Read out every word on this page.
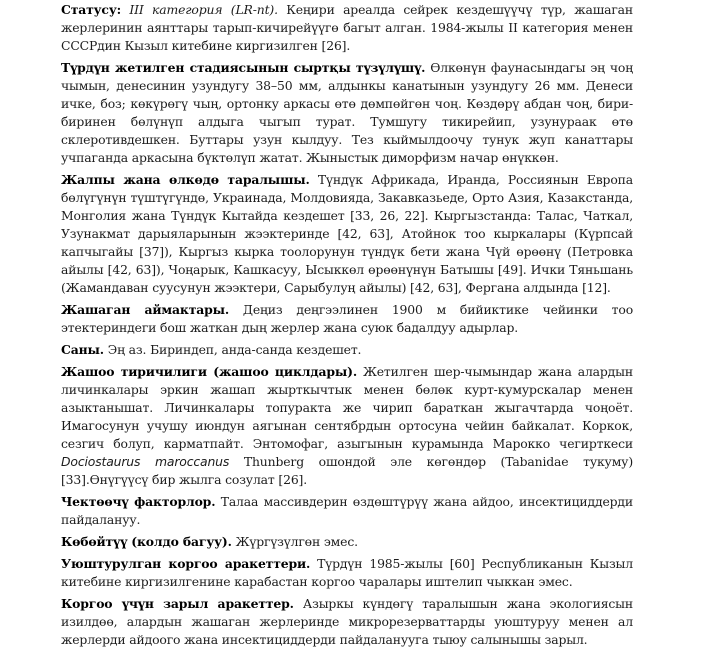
Статусу: III категория (LR-nt). Кеңири ареалда сейрек кездешүүчү түр, жашаган жерлеринин аянттары тарып-кичирейүүгө багыт алган. 1984-жылы II категория менен СССРдин Кызыл китебине киргизилген [26].

Түрдүн жетилген стадиясынын сыртқы түзүлүшү. Өлкөнүн фаунасындагы эң чоң чымын, денесинин узундугу 38–50 мм, алдынкы канатынын узундугу 26 мм. Денеси ичке, боз; көкүрөгү чың, ортонку аркасы өтө дөмпөйгөн чоң. Көздөрү абдан чоң, бири-биринен бөлүнүп алдыга чыгып турат. Тумшугу тикирейип, узунураак өтө склеротивдешкен. Буттары узун кылдуу. Тез кыймылдоочу тунук жуп канаттары учпаганда аркасына бүктөлүп жатат. Жыныстык диморфизм начар өнүккөн.

Жалпы жана өлкөдө таралышы. Түндүк Африкада, Иранда, Россиянын Европа бөлүгүнүн түштүгүндө, Украинада, Молдовияда, Закавказьеде, Орто Азия, Казакстанда, Монголия жана Түндүк Кытайда кездешет [33, 26, 22]. Кыргызстанда: Талас, Чаткал, Узунакмат дарыяларынын жээктеринде [42, 63], Атойнок тоо кыркалары (Күрпсай капчыгайы [37]), Кыргыз кырка тоолорунун түндүк бети жана Чүй өрөөнү (Петровка айылы [42, 63]), Чоңарык, Кашкасуу, Ысыккөл өрөөнүнүн Батышы [49]. Ички Тяньшань (Жамандаван суусунун жээктери, Сарыбулуң айылы) [42, 63], Фергана алдында [12].

Жашаган аймактары. Деңиз деңгээлинен 1900 м бийиктике чейинки тоо этектериндеги бош жаткан дың жерлер жана суюк бадалдуу адырлар.

Саны. Эң аз. Бириндеп, анда-санда кездешет.

Жашоо тиричилиги (жашоо циклдары). Жетилген шер-чымындар жана алардын личинкалары эркин жашап жырткычтык менен бөлөк курт-кумурскалар менен азыктанышат. Личинкалары топуракта же чирип бараткан жыгачтарда чоңоёт. Имагосунун учушу июндун аягынан сентябрдын ортосуна чейин байкалат. Коркок, сезгич болуп, карматпайт. Энтомофаг, азыгынын курамында Марокко чегирткеси Dociostaurus maroccanus Thunberg ошондой эле көгөндөр (Tabanidae тукуму) [33].Өнүгүүсү бир жылга созулат [26].

Чектөөчү факторлор. Талаа массивдерин өздөштүрүү жана айдоо, инсектициддерди пайдалануу.

Көбөйтүү (колдо багуу). Жүргүзүлгөн эмес.

Уюштурулган коргоо аракеттери. Түрдүн 1985-жылы [60] Республиканын Кызыл китебине киргизилгенине карабастан коргоо чаралары иштелип чыккан эмес.

Коргоо үчүн зарыл аракеттер. Азыркы күндөгү таралышын жана экологиясын изилдөө, алардын жашаган жерлеринде микрорезерваттарды уюштуруу менен ал жерлерди айдоого жана инсектициддерди пайдаланууга тыюу салынышы зарыл.
